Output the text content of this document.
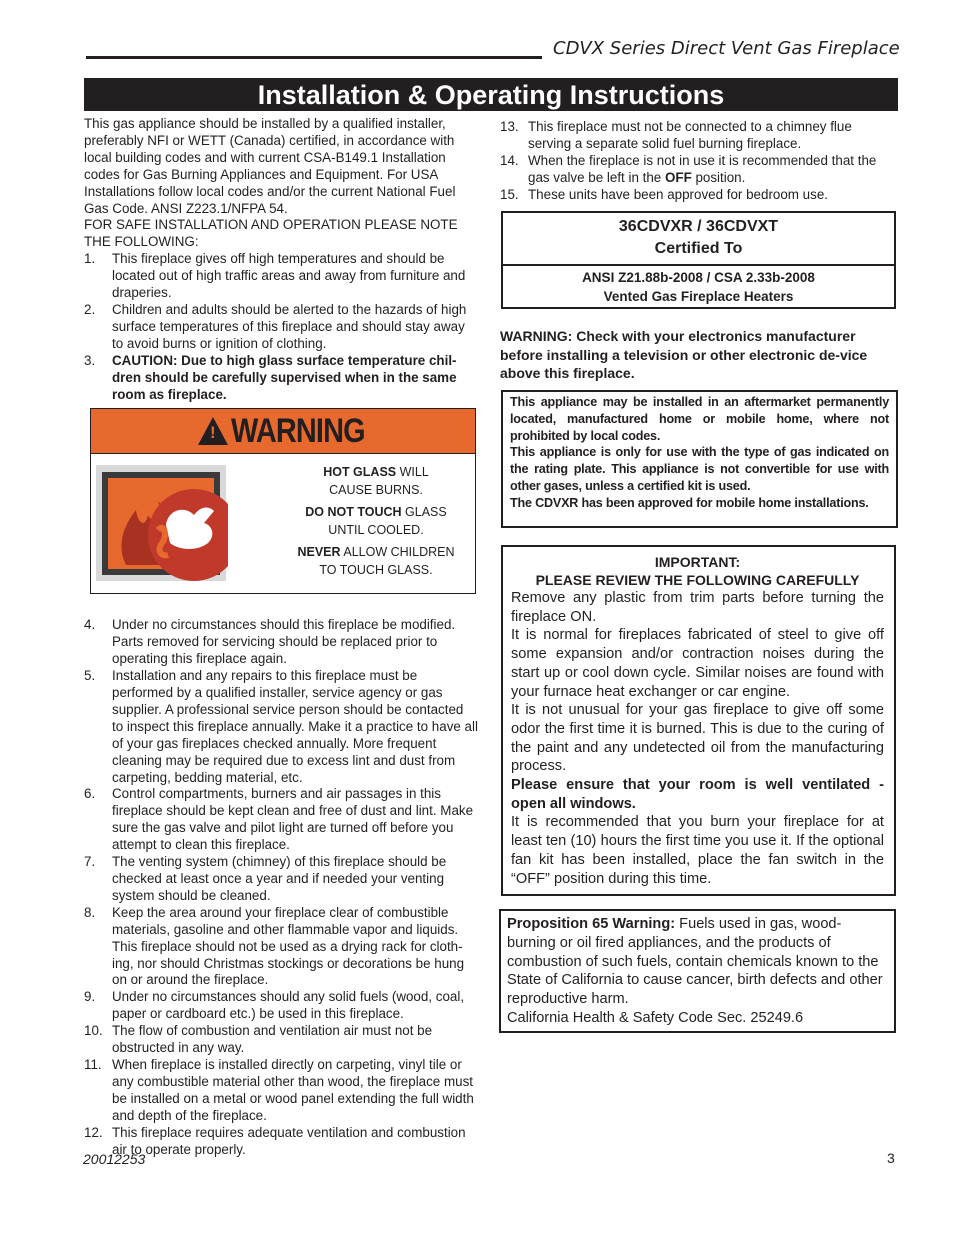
CDVX Series Direct Vent Gas Fireplace
Installation & Operating Instructions

This gas appliance should be installed by a qualified installer, preferably NFI or WETT (Canada) certified, in accordance with local building codes and with current CSA-B149.1 Installation codes for Gas Burning Appliances and Equipment. For USA Installations follow local codes and/or the current National Fuel Gas Code. ANSI Z223.1/NFPA 54.

FOR SAFE INSTALLATION AND OPERATION PLEASE NOTE THE FOLLOWING:

1. This fireplace gives off high temperatures and should be located out of high traffic areas and away from furniture and draperies.
2. Children and adults should be alerted to the hazards of high surface temperatures of this fireplace and should stay away to avoid burns or ignition of clothing.
3. CAUTION: Due to high glass surface temperature chil-dren should be carefully supervised when in the same room as fireplace.
4. Under no circumstances should this fireplace be modified. Parts removed for servicing should be replaced prior to operating this fireplace again.
5. Installation and any repairs to this fireplace must be performed by a qualified installer, service agency or gas supplier. A professional service person should be contacted to inspect this fireplace annually. Make it a practice to have all of your gas fireplaces checked annually. More frequent cleaning may be required due to excess lint and dust from carpeting, bedding material, etc.
6. Control compartments, burners and air passages in this fireplace should be kept clean and free of dust and lint. Make sure the gas valve and pilot light are turned off before you attempt to clean this fireplace.
7. The venting system (chimney) of this fireplace should be checked at least once a year and if needed your venting system should be cleaned.
8. Keep the area around your fireplace clear of combustible materials, gasoline and other flammable vapor and liquids. This fireplace should not be used as a drying rack for cloth-ing, nor should Christmas stockings or decorations be hung on or around the fireplace.
9. Under no circumstances should any solid fuels (wood, coal, paper or cardboard etc.) be used in this fireplace.
10. The flow of combustion and ventilation air must not be obstructed in any way.
11. When fireplace is installed directly on carpeting, vinyl tile or any combustible material other than wood, the fireplace must be installed on a metal or wood panel extending the full width and depth of the fireplace.
12. This fireplace requires adequate ventilation and combustion air to operate properly.
! WARNING

HOT GLASS WILL
CAUSE BURNS.

DO NOT TOUCH GLASS
UNTIL COOLED.

NEVER ALLOW CHILDREN
TO TOUCH GLASS.

13. This fireplace must not be connected to a chimney flue serving a separate solid fuel burning fireplace.
14. When the fireplace is not in use it is recommended that the gas valve be left in the OFF position.
15. These units have been approved for bedroom use.
36CDVXR / 36CDVXT
Certified To
ANSI Z21.88b-2008 / CSA 2.33b-2008
Vented Gas Fireplace Heaters
WARNING: Check with your electronics manufacturer before installing a television or other electronic de-vice above this fireplace.

This appliance may be installed in an aftermarket permanently located, manufactured home or mobile home, where not prohibited by local codes.

This appliance is only for use with the type of gas indicated on the rating plate. This appliance is not convertible for use with other gases, unless a certified kit is used.

The CDVXR has been approved for mobile home installations.

IMPORTANT:
PLEASE REVIEW THE FOLLOWING CAREFULLY

Remove any plastic from trim parts before turning the fireplace ON.

It is normal for fireplaces fabricated of steel to give off some expansion and/or contraction noises during the start up or cool down cycle. Similar noises are found with your furnace heat exchanger or car engine.

It is not unusual for your gas fireplace to give off some odor the first time it is burned. This is due to the curing of the paint and any undetected oil from the manufacturing process.

Please ensure that your room is well ventilated - open all windows.

It is recommended that you burn your fireplace for at least ten (10) hours the first time you use it. If the optional fan kit has been installed, place the fan switch in the “OFF” position during this time.

Proposition 65 Warning: Fuels used in gas, wood-burning or oil fired appliances, and the products of combustion of such fuels, contain chemicals known to the State of California to cause cancer, birth defects and other reproductive harm.

California Health & Safety Code Sec. 25249.6

20012253	3
